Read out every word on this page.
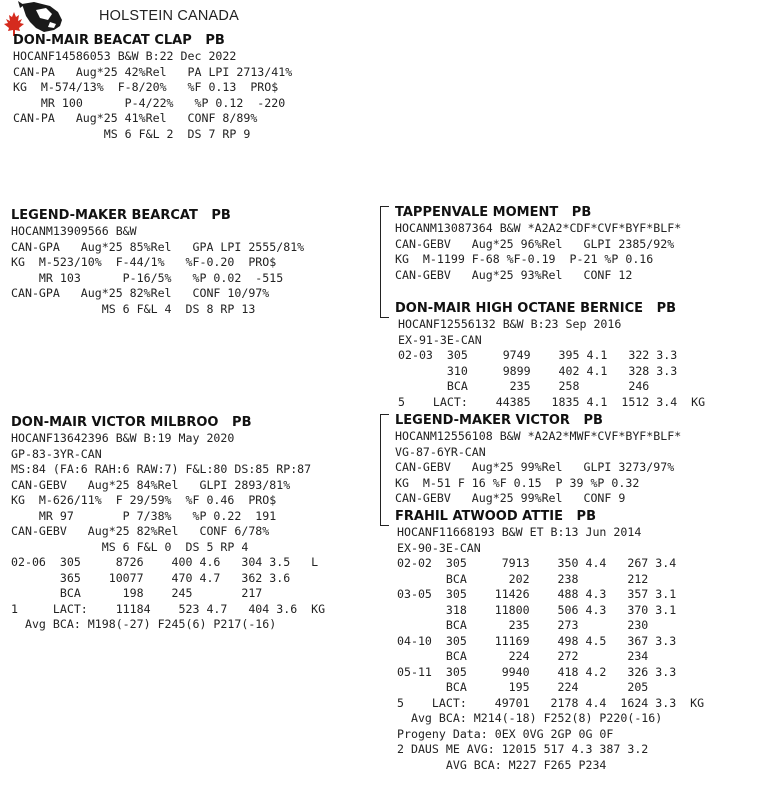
HOLSTEIN CANADA
DON-MAIR BEACAT CLAP   PB
HOCANF14586053 B&W B:22 Dec 2022
CAN-PA   Aug*25 42%Rel   PA LPI 2713/41%
KG  M-574/13%  F-8/20%   %F 0.13  PRO$
MR 100      P-4/22%   %P 0.12  -220
CAN-PA   Aug*25 41%Rel   CONF 8/89%
MS 6 F&L 2  DS 7 RP 9
LEGEND-MAKER BEARCAT   PB
HOCANM13909566 B&W
CAN-GPA   Aug*25 85%Rel   GPA LPI 2555/81%
KG  M-523/10%  F-44/1%   %F-0.20  PRO$
MR 103      P-16/5%   %P 0.02  -515
CAN-GPA   Aug*25 82%Rel   CONF 10/97%
MS 6 F&L 4  DS 8 RP 13
TAPPENVALE MOMENT   PB
HOCANM13087364 B&W *A2A2*CDF*CVF*BYF*BLF*
CAN-GEBV   Aug*25 96%Rel   GLPI 2385/92%
KG  M-1199 F-68 %F-0.19  P-21 %P 0.16
CAN-GEBV   Aug*25 93%Rel   CONF 12
DON-MAIR HIGH OCTANE BERNICE   PB
HOCANF12556132 B&W B:23 Sep 2016
EX-91-3E-CAN
02-03  305     9749    395 4.1   322 3.3
310     9899    402 4.1   328 3.3
BCA      235    258       246
5    LACT:    44385   1835 4.1  1512 3.4  KG
DON-MAIR VICTOR MILBROO   PB
HOCANF13642396 B&W B:19 May 2020
GP-83-3YR-CAN
MS:84 (FA:6 RAH:6 RAW:7) F&L:80 DS:85 RP:87
CAN-GEBV   Aug*25 84%Rel   GLPI 2893/81%
KG  M-626/11%  F 29/59%  %F 0.46  PRO$
MR 97       P 7/38%   %P 0.22  191
CAN-GEBV   Aug*25 82%Rel   CONF 6/78%
MS 6 F&L 0  DS 5 RP 4
02-06  305     8726    400 4.6   304 3.5   L
365    10077    470 4.7   362 3.6
BCA      198    245       217
1     LACT:    11184    523 4.7   404 3.6  KG
Avg BCA: M198(-27) F245(6) P217(-16)
LEGEND-MAKER VICTOR   PB
HOCANM12556108 B&W *A2A2*MWF*CVF*BYF*BLF*
VG-87-6YR-CAN
CAN-GEBV   Aug*25 99%Rel   GLPI 3273/97%
KG  M-51 F 16 %F 0.15  P 39 %P 0.32
CAN-GEBV   Aug*25 99%Rel   CONF 9
FRAHIL ATWOOD ATTIE   PB
HOCANF11668193 B&W ET B:13 Jun 2014
EX-90-3E-CAN
02-02  305     7913    350 4.4   267 3.4
BCA      202    238       212
03-05  305    11426    488 4.3   357 3.1
318    11800    506 4.3   370 3.1
BCA      235    273       230
04-10  305    11169    498 4.5   367 3.3
BCA      224    272       234
05-11  305     9940    418 4.2   326 3.3
BCA      195    224       205
5    LACT:    49701   2178 4.4  1624 3.3  KG
Avg BCA: M214(-18) F252(8) P220(-16)
Progeny Data: 0EX 0VG 2GP 0G 0F
2 DAUS ME AVG: 12015 517 4.3 387 3.2
AVG BCA: M227 F265 P234
